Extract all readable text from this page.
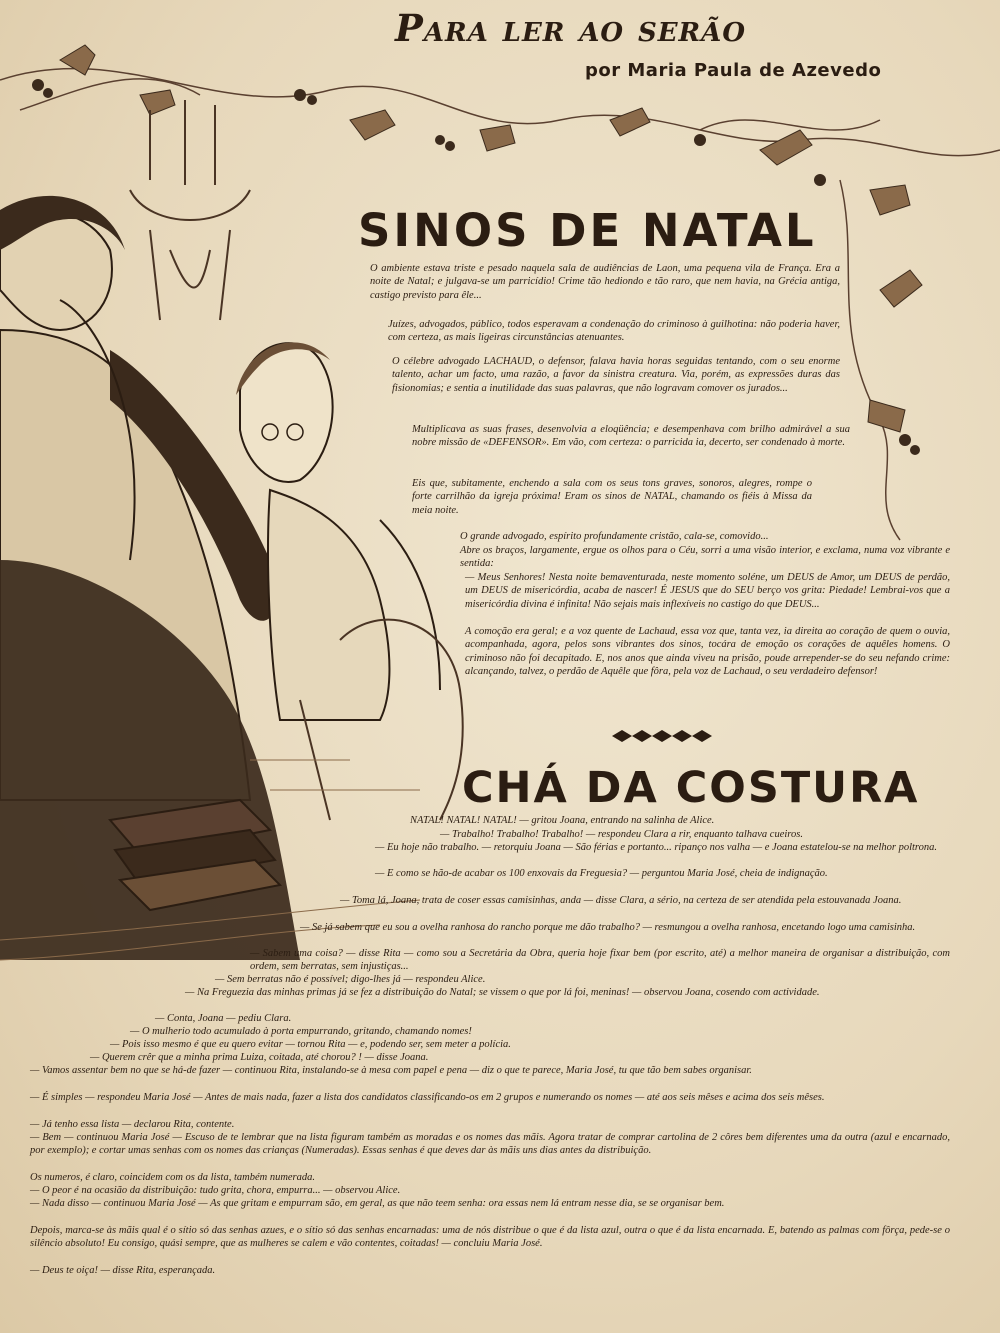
Para ler ao serão
por Maria Paula de Azevedo
SINOS DE NATAL

O ambiente estava triste e pesado naquela sala de audiências de Laon, uma pequena vila de França. Era a noite de Natal; e julgava-se um parricídio! Crime tão hediondo e tão raro, que nem havia, na Grécia antiga, castigo previsto para êle...

Juízes, advogados, público, todos esperavam a condenação do criminoso à guilhotina: não poderia haver, com certeza, as mais ligeiras circunstâncias atenuantes.

O célebre advogado LACHAUD, o defensor, falava havia horas seguidas tentando, com o seu enorme talento, achar um facto, uma razão, a favor da sinistra creatura. Via, porém, as expressões duras das fisionomias; e sentia a inutilidade das suas palavras, que não logravam comover os jurados...

Multiplicava as suas frases, desenvolvia a eloqüência; e desempenhava com brilho admirável a sua nobre missão de «DEFENSOR». Em vão, com certeza: o parricida ia, decerto, ser condenado à morte.

Eis que, subitamente, enchendo a sala com os seus tons graves, sonoros, alegres, rompe o forte carrilhão da igreja próxima! Eram os sinos de NATAL, chamando os fiéis à Missa da meia noite.

O grande advogado, espírito profundamente cristão, cala-se, comovido...

Abre os braços, largamente, ergue os olhos para o Céu, sorri a uma visão interior, e exclama, numa voz vibrante e sentida:

— Meus Senhores! Nesta noite bemaventurada, neste momento soléne, um DEUS de Amor, um DEUS de perdão, um DEUS de misericórdia, acaba de nascer! É JESUS que do SEU berço vos grita: Piedade! Lembrai-vos que a misericórdia divina é infinita! Não sejais mais inflexíveis no castigo do que DEUS...

A comoção era geral; e a voz quente de Lachaud, essa voz que, tanta vez, ia direita ao coração de quem o ouvia, acompanhada, agora, pelos sons vibrantes dos sinos, tocára de emoção os corações de aquêles homens. O criminoso não foi decapitado. E, nos anos que ainda viveu na prisão, poude arrepender-se do seu nefando crime: alcançando, talvez, o perdão de Aquêle que fôra, pela voz de Lachaud, o seu verdadeiro defensor!

CHÁ DA COSTURA

NATAL! NATAL! NATAL! — gritou Joana, entrando na salinha de Alice.

— Trabalho! Trabalho! Trabalho! — respondeu Clara a rir, enquanto talhava cueiros.

— Eu hoje não trabalho. — retorquiu Joana — São férias e portanto... ripanço nos valha — e Joana estatelou-se na melhor poltrona.

— E como se hão-de acabar os 100 enxovais da Freguesia? — perguntou Maria José, cheia de indignação.

— Toma lá, Joana, trata de coser essas camisinhas, anda — disse Clara, a sério, na certeza de ser atendida pela estouvanada Joana.

— Se já sabem que eu sou a ovelha ranhosa do rancho porque me dão trabalho? — resmungou a ovelha ranhosa, encetando logo uma camisinha.

— Sabem uma coisa? — disse Rita — como sou a Secretária da Obra, queria hoje fixar bem (por escrito, até) a melhor maneira de organisar a distribuição, com ordem, sem berratas, sem injustiças...

— Sem berratas não é possível; digo-lhes já — respondeu Alice.

— Na Freguezia das minhas primas já se fez a distribuição do Natal; se vissem o que por lá foi, meninas! — observou Joana, cosendo com actividade.

— Conta, Joana — pediu Clara.

— O mulherio todo acumulado à porta empurrando, gritando, chamando nomes!

— Pois isso mesmo é que eu quero evitar — tornou Rita — e, podendo ser, sem meter a polícia.

— Querem crêr que a minha prima Luiza, coitada, até chorou? ! — disse Joana.

— Vamos assentar bem no que se há-de fazer — continuou Rita, instalando-se à mesa com papel e pena — diz o que te parece, Maria José, tu que tão bem sabes organisar.

— É simples — respondeu Maria José — Antes de mais nada, fazer a lista dos candidatos classificando-os em 2 grupos e numerando os nomes — até aos seis mêses e acima dos seis mêses.

— Já tenho essa lista — declarou Rita, contente.

— Bem — continuou Maria José — Escuso de te lembrar que na lista figuram também as moradas e os nomes das mãis. Agora tratar de comprar cartolina de 2 côres bem diferentes uma da outra (azul e encarnado, por exemplo); e cortar umas senhas com os nomes das crianças (Numeradas). Essas senhas é que deves dar às mãis uns dias antes da distribuição.

Os numeros, é claro, coincidem com os da lista, também numerada.

— O peor é na ocasião da distribuição: tudo grita, chora, empurra... — observou Alice.

— Nada disso — continuou Maria José — As que gritam e empurram são, em geral, as que não teem senha: ora essas nem lá entram nesse dia, se se organisar bem.

Depois, marca-se às mãis qual é o sítio só das senhas azues, e o sítio só das senhas encarnadas: uma de nós distribue o que é da lista azul, outra o que é da lista encarnada. E, batendo as palmas com fôrça, pede-se o silêncio absoluto! Eu consigo, quási sempre, que as mulheres se calem e vão contentes, coitadas! — concluiu Maria José.

— Deus te oiça! — disse Rita, esperançada.
